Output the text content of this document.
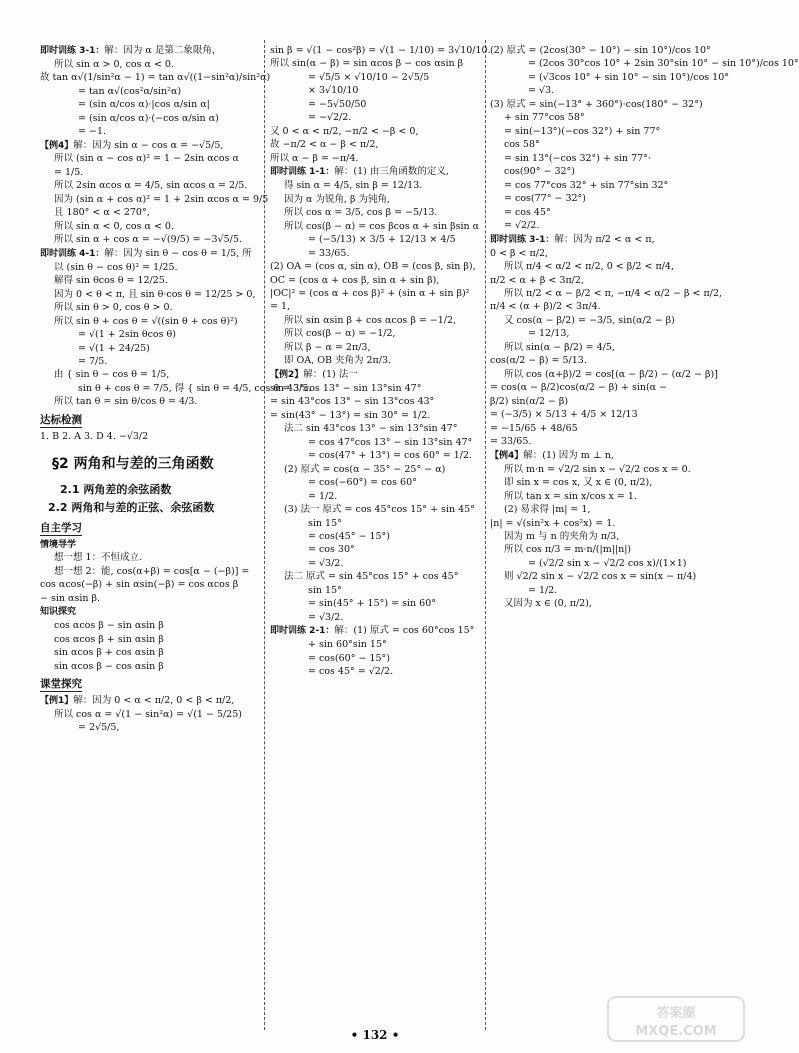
即时训练 3-1：解：因为 α 是第二象限角，
所以 sin α > 0, cos α < 0.
故 tan α√(1/sin²α − 1) = tan α√((1−sin²α)/sin²α)
= tan α√(cos²α/sin²α)
= (sin α/cos α)·|cos α/sin α|
= (sin α/cos α)·(−cos α/sin α)
= −1.
【例4】解：因为 sin α − cos α = −√5/5,
所以 (sin α − cos α)² = 1 − 2sin αcos α
= 1/5.
所以 2sin αcos α = 4/5, sin αcos α = 2/5.
因为 (sin α + cos α)² = 1 + 2sin αcos α = 9/5
且 180° < α < 270°,
所以 sin α < 0, cos α < 0.
所以 sin α + cos α = −√(9/5) = −3√5/5.
即时训练 4-1：解：因为 sin θ − cos θ = 1/5, 所
以 (sin θ − cos θ)² = 1/25.
解得 sin θcos θ = 12/25.
因为 0 < θ < π, 且 sin θ·cos θ = 12/25 > 0,
所以 sin θ > 0, cos θ > 0.
所以 sin θ + cos θ = √((sin θ + cos θ)²)
= √(1 + 2sin θcos θ)
= √(1 + 24/25)
= 7/5.
由 { sin θ − cos θ = 1/5,
sin θ + cos θ = 7/5, 得 { sin θ = 4/5, cos θ = 3/5.
所以 tan θ = sin θ/cos θ = 4/3.
达标检测
1. B 2. A 3. D 4. −√3/2
§2 两角和与差的三角函数
2.1 两角差的余弦函数
2.2 两角和与差的正弦、余弦函数
自主学习
情境导学
想一想 1：不恒成立.
想一想 2：能, cos(α+β) = cos[α − (−β)] =
cos αcos(−β) + sin αsin(−β) = cos αcos β
− sin αsin β.
知识探究
cos αcos β − sin αsin β
cos αcos β + sin αsin β
sin αcos β + cos αsin β
sin αcos β − cos αsin β
课堂探究
【例1】解：因为 0 < α < π/2, 0 < β < π/2,
所以 cos α = √(1 − sin²α) = √(1 − 5/25)
= 2√5/5,
sin β = √(1 − cos²β) = √(1 − 1/10) = 3√10/10.
所以 sin(α − β) = sin αcos β − cos αsin β
= √5/5 × √10/10 − 2√5/5
× 3√10/10
= −5√50/50
= −√2/2.
又 0 < α < π/2, −π/2 < −β < 0,
故 −π/2 < α − β < π/2,
所以 α − β = −π/4.
即时训练 1-1：解：(1) 由三角函数的定义,
得 sin α = 4/5, sin β = 12/13.
因为 α 为锐角, β 为钝角,
所以 cos α = 3/5, cos β = −5/13.
所以 cos(β − α) = cos βcos α + sin βsin α
= (−5/13) × 3/5 + 12/13 × 4/5
= 33/65.
(2) OA = (cos α, sin α), OB = (cos β, sin β),
OC = (cos α + cos β, sin α + sin β),
|OC|² = (cos α + cos β)² + (sin α + sin β)²
= 1,
所以 sin αsin β + cos αcos β = −1/2,
所以 cos(β − α) = −1/2,
所以 β − α = 2π/3,
即 OA, OB 夹角为 2π/3.
【例2】解：(1) 法一
sin 43°cos 13° − sin 13°sin 47°
= sin 43°cos 13° − sin 13°cos 43°
= sin(43° − 13°) = sin 30° = 1/2.
法二 sin 43°cos 13° − sin 13°sin 47°
= cos 47°cos 13° − sin 13°sin 47°
= cos(47° + 13°) = cos 60° = 1/2.
(2) 原式 = cos(α − 35° − 25° − α)
= cos(−60°) = cos 60°
= 1/2.
(3) 法一 原式 = cos 45°cos 15° + sin 45°
sin 15°
= cos(45° − 15°)
= cos 30°
= √3/2.
法二 原式 = sin 45°cos 15° + cos 45°
sin 15°
= sin(45° + 15°) = sin 60°
= √3/2.
即时训练 2-1：解：(1) 原式 = cos 60°cos 15°
+ sin 60°sin 15°
= cos(60° − 15°)
= cos 45° = √2/2.
(2) 原式 = (2cos(30° − 10°) − sin 10°)/cos 10°
= (2cos 30°cos 10° + 2sin 30°sin 10° − sin 10°)/cos 10°
= (√3cos 10° + sin 10° − sin 10°)/cos 10°
= √3.
(3) 原式 = sin(−13° + 360°)·cos(180° − 32°)
+ sin 77°cos 58°
= sin(−13°)(−cos 32°) + sin 77°
cos 58°
= sin 13°(−cos 32°) + sin 77°·
cos(90° − 32°)
= cos 77°cos 32° + sin 77°sin 32°
= cos(77° − 32°)
= cos 45°
= √2/2.
即时训练 3-1：解：因为 π/2 < α < π,
0 < β < π/2,
所以 π/4 < α/2 < π/2, 0 < β/2 < π/4,
π/2 < α + β < 3π/2,
所以 π/2 < α − β/2 < π, −π/4 < α/2 − β < π/2,
π/4 < (α + β)/2 < 3π/4.
又 cos(α − β/2) = −3/5, sin(α/2 − β)
= 12/13,
所以 sin(α − β/2) = 4/5,
cos(α/2 − β) = 5/13.
所以 cos (α+β)/2 = cos[(α − β/2) − (α/2 − β)]
= cos(α − β/2)cos(α/2 − β) + sin(α −
β/2) sin(α/2 − β)
= (−3/5) × 5/13 + 4/5 × 12/13
= −15/65 + 48/65
= 33/65.
【例4】解：(1) 因为 m ⊥ n,
所以 m·n = √2/2 sin x − √2/2 cos x = 0.
即 sin x = cos x, 又 x ∈ (0, π/2),
所以 tan x = sin x/cos x = 1.
(2) 易求得 |m| = 1,
|n| = √(sin²x + cos²x) = 1.
因为 m 与 n 的夹角为 π/3,
所以 cos π/3 = m·n/(|m||n|)
= (√2/2 sin x − √2/2 cos x)/(1×1)
则 √2/2 sin x − √2/2 cos x = sin(x − π/4)
= 1/2.
又因为 x ∈ (0, π/2),
• 132 •
答案圈
MXQE.COM
